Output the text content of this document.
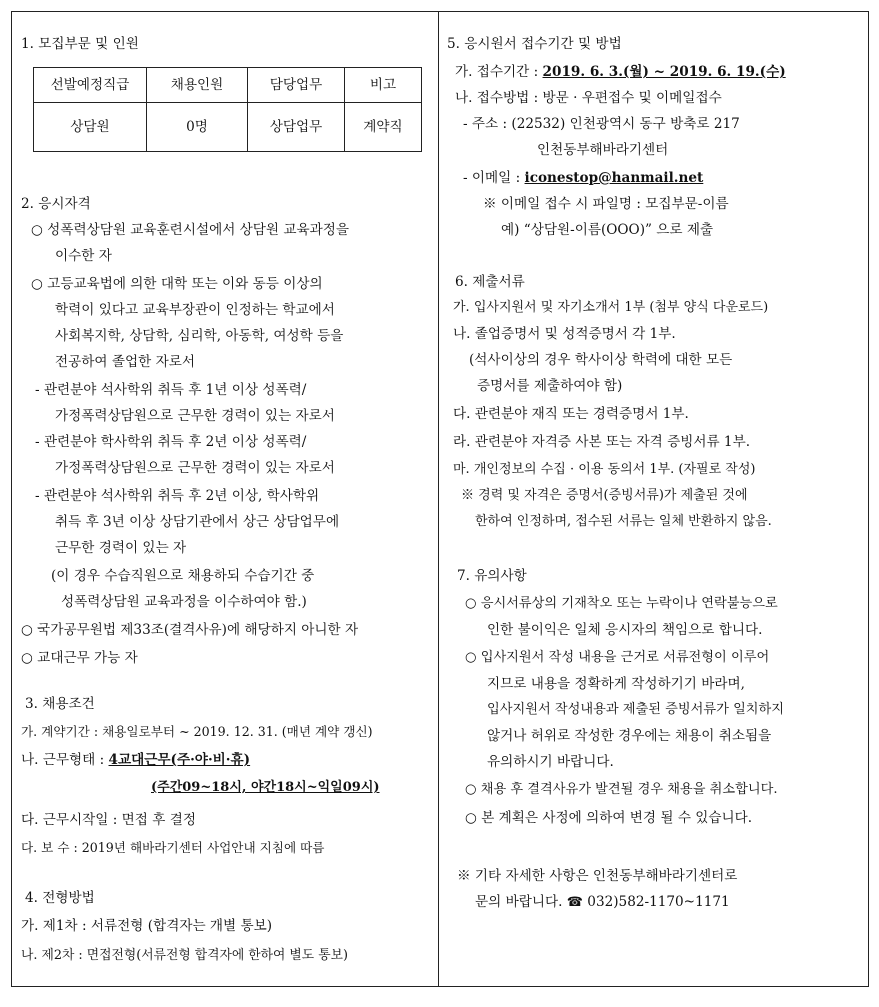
1. 모집부문 및 인원
선발예정직급	채용인원	담당업무	비고
상담원	0명	상담업무	계약직
2. 응시자격
○ 성폭력상담원 교육훈련시설에서 상담원 교육과정을
이수한 자
○ 고등교육법에 의한 대학 또는 이와 동등 이상의
학력이 있다고 교육부장관이 인정하는 학교에서
사회복지학, 상담학, 심리학, 아동학, 여성학 등을
전공하여 졸업한 자로서
- 관련분야 석사학위 취득 후 1년 이상 성폭력/
가정폭력상담원으로 근무한 경력이 있는 자로서
- 관련분야 학사학위 취득 후 2년 이상 성폭력/
가정폭력상담원으로 근무한 경력이 있는 자로서
- 관련분야 석사학위 취득 후 2년 이상, 학사학위
취득 후 3년 이상 상담기관에서 상근 상담업무에
근무한 경력이 있는 자
(이 경우 수습직원으로 채용하되 수습기간 중
성폭력상담원 교육과정을 이수하여야 함.)
○ 국가공무원법 제33조(결격사유)에 해당하지 아니한 자
○ 교대근무 가능 자
3. 채용조건
가. 계약기간 : 채용일로부터 ~ 2019. 12. 31. (매년 계약 갱신)
나. 근무형태 : 4교대근무(주·야·비·휴)
(주간09~18시, 야간18시~익일09시)
다. 근무시작일 : 면접 후 결정
다. 보 수 : 2019년 해바라기센터 사업안내 지침에 따름
4. 전형방법
가. 제1차 : 서류전형 (합격자는 개별 통보)
나. 제2차 : 면접전형(서류전형 합격자에 한하여 별도 통보)
5. 응시원서 접수기간 및 방법
가. 접수기간 : 2019. 6. 3.(월) ~ 2019. 6. 19.(수)
나. 접수방법 : 방문 · 우편접수 및 이메일접수
- 주소 : (22532) 인천광역시 동구 방축로 217
인천동부해바라기센터
- 이메일 : iconestop@hanmail.net
※ 이메일 접수 시 파일명 : 모집부문-이름
예) “상담원-이름(OOO)” 으로 제출
6. 제출서류
가. 입사지원서 및 자기소개서 1부 (첨부 양식 다운로드)
나. 졸업증명서 및 성적증명서 각 1부.
(석사이상의 경우 학사이상 학력에 대한 모든
증명서를 제출하여야 함)
다. 관련분야 재직 또는 경력증명서 1부.
라. 관련분야 자격증 사본 또는 자격 증빙서류 1부.
마. 개인정보의 수집 · 이용 동의서 1부. (자필로 작성)
※ 경력 및 자격은 증명서(증빙서류)가 제출된 것에
한하여 인정하며, 접수된 서류는 일체 반환하지 않음.
7. 유의사항
○ 응시서류상의 기재착오 또는 누락이나 연락불능으로
인한 불이익은 일체 응시자의 책임으로 합니다.
○ 입사지원서 작성 내용을 근거로 서류전형이 이루어
지므로 내용을 정확하게 작성하기기 바라며,
입사지원서 작성내용과 제출된 증빙서류가 일치하지
않거나 허위로 작성한 경우에는 채용이 취소됨을
유의하시기 바랍니다.
○ 채용 후 결격사유가 발견될 경우 채용을 취소합니다.
○ 본 계획은 사정에 의하여 변경 될 수 있습니다.
※ 기타 자세한 사항은 인천동부해바라기센터로
문의 바랍니다. ☎ 032)582-1170~1171
